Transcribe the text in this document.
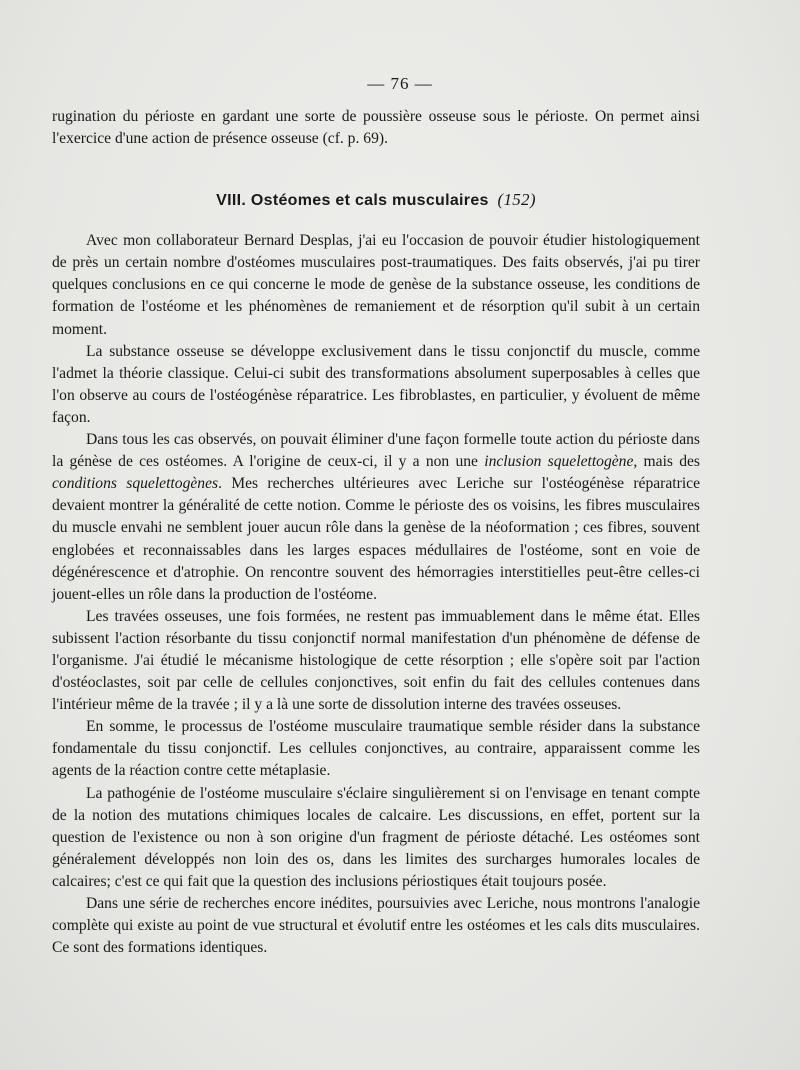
— 76 —

rugination du périoste en gardant une sorte de poussière osseuse sous le périoste. On permet ainsi l'exercice d'une action de présence osseuse (cf. p. 69).

VIII. Ostéomes et cals musculaires (152)

Avec mon collaborateur Bernard Desplas, j'ai eu l'occasion de pouvoir étudier histologiquement de près un certain nombre d'ostéomes musculaires post-traumatiques. Des faits observés, j'ai pu tirer quelques conclusions en ce qui concerne le mode de genèse de la substance osseuse, les conditions de formation de l'ostéome et les phénomènes de remaniement et de résorption qu'il subit à un certain moment.

La substance osseuse se développe exclusivement dans le tissu conjonctif du muscle, comme l'admet la théorie classique. Celui-ci subit des transformations absolument superposables à celles que l'on observe au cours de l'ostéogénèse réparatrice. Les fibroblastes, en particulier, y évoluent de même façon.

Dans tous les cas observés, on pouvait éliminer d'une façon formelle toute action du périoste dans la génèse de ces ostéomes. A l'origine de ceux-ci, il y a non une inclusion squelettogène, mais des conditions squelettogènes. Mes recherches ultérieures avec Leriche sur l'ostéogénèse réparatrice devaient montrer la généralité de cette notion. Comme le périoste des os voisins, les fibres musculaires du muscle envahi ne semblent jouer aucun rôle dans la genèse de la néoformation ; ces fibres, souvent englobées et reconnaissables dans les larges espaces médullaires de l'ostéome, sont en voie de dégénérescence et d'atrophie. On rencontre souvent des hémorragies interstitielles peut-être celles-ci jouent-elles un rôle dans la production de l'ostéome.

Les travées osseuses, une fois formées, ne restent pas immuablement dans le même état. Elles subissent l'action résorbante du tissu conjonctif normal manifestation d'un phénomène de défense de l'organisme. J'ai étudié le mécanisme histologique de cette résorption ; elle s'opère soit par l'action d'ostéoclastes, soit par celle de cellules conjonctives, soit enfin du fait des cellules contenues dans l'intérieur même de la travée ; il y a là une sorte de dissolution interne des travées osseuses.

En somme, le processus de l'ostéome musculaire traumatique semble résider dans la substance fondamentale du tissu conjonctif. Les cellules conjonctives, au contraire, apparaissent comme les agents de la réaction contre cette métaplasie.

La pathogénie de l'ostéome musculaire s'éclaire singulièrement si on l'envisage en tenant compte de la notion des mutations chimiques locales de calcaire. Les discussions, en effet, portent sur la question de l'existence ou non à son origine d'un fragment de périoste détaché. Les ostéomes sont généralement développés non loin des os, dans les limites des surcharges humorales locales de calcaires; c'est ce qui fait que la question des inclusions périostiques était toujours posée.

Dans une série de recherches encore inédites, poursuivies avec Leriche, nous montrons l'analogie complète qui existe au point de vue structural et évolutif entre les ostéomes et les cals dits musculaires. Ce sont des formations identiques.
